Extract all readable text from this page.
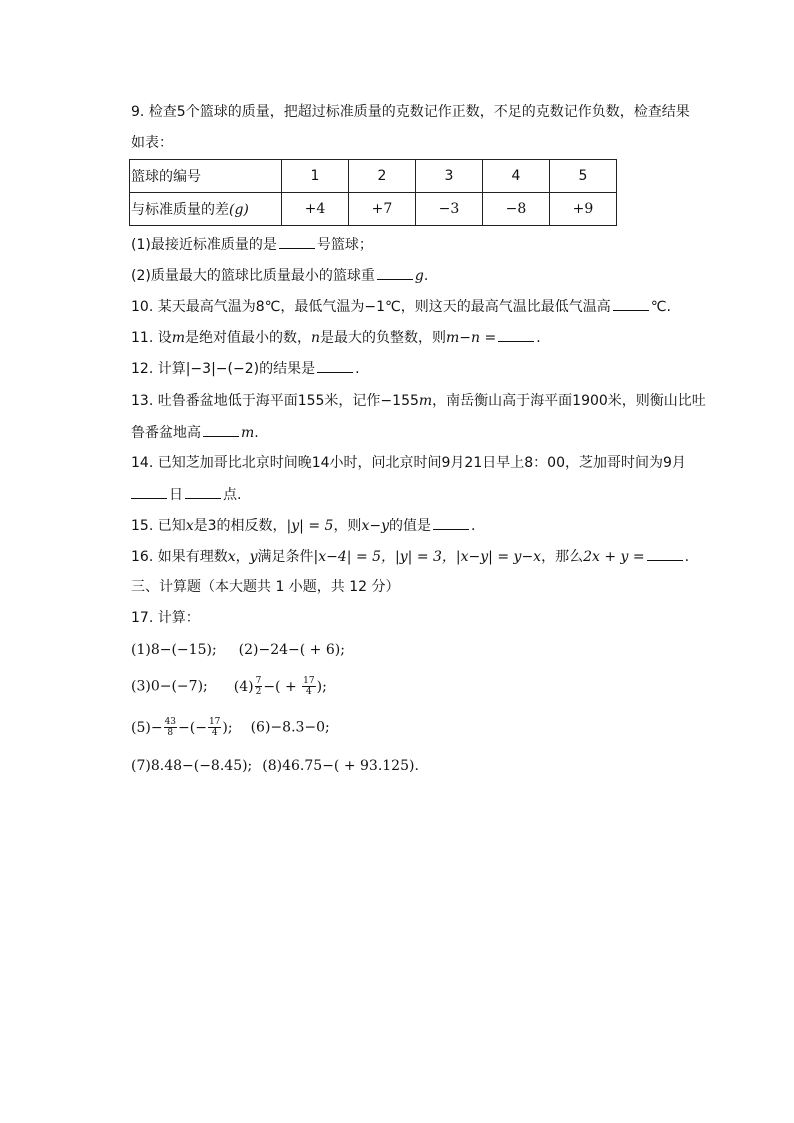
9. 检查5个篮球的质量，把超过标准质量的克数记作正数，不足的克数记作负数，检查结果
如表：
篮球的编号	1	2	3	4	5
与标准质量的差(g)	+4	+7	−3	−8	+9
(1)最接近标准质量的是	号篮球；
(2)质量最大的篮球比质量最小的篮球重	g.
10. 某天最高气温为8℃，最低气温为−1℃，则这天的最高气温比最低气温高	℃.
11. 设m是绝对值最小的数，n是最大的负整数，则m−n =	.
12. 计算|−3|−(−2)的结果是	.
13. 吐鲁番盆地低于海平面155米，记作−155m，南岳衡山高于海平面1900米，则衡山比吐
鲁番盆地高	m.
14. 已知芝加哥比北京时间晚14小时，问北京时间9月21日早上8：00，芝加哥时间为9月
日	点.
15. 已知x是3的相反数，|y| = 5，则x−y的值是	.
16. 如果有理数x，y满足条件|x−4| = 5，|y| = 3，|x−y| = y−x，那么2x + y =	.
三、计算题（本大题共 1 小题，共 12 分）
17. 计算：
(1)8−(−15); (2)−24−( + 6);
(3)0−(−7); $(4) \frac{7}{2}$ −( + $\frac{17}{4}$ );
$(5)- \frac{43}{8}$ −(− $\frac{17}{4}$ ); (6)−8.3−0;
(7)8.48−(−8.45); (8)46.75−( + 93.125).
